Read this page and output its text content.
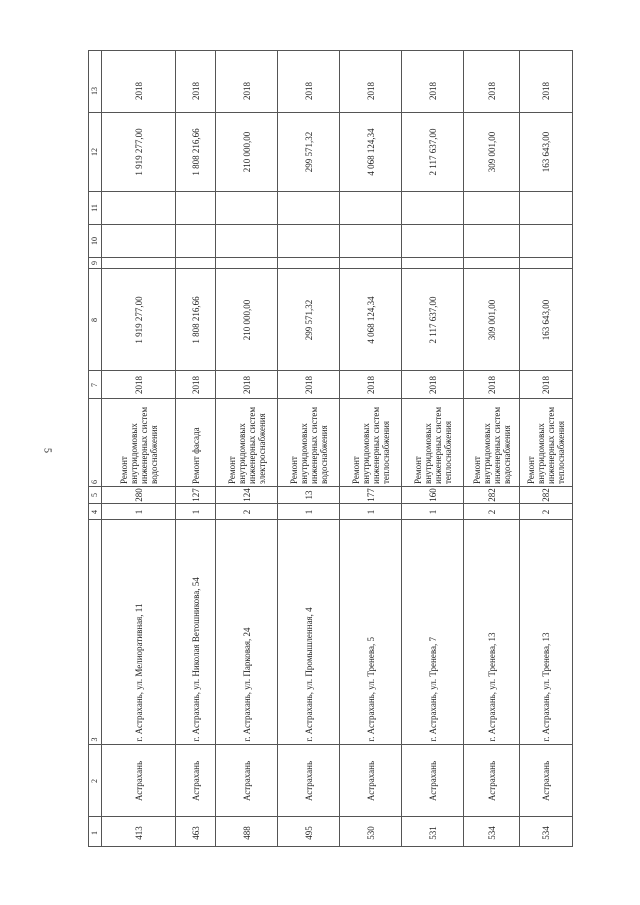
5
1
2
3
4
5
6
7
8
9
10
11
12
13
413
Астрахань
г. Астрахань, ул. Мелиоративная, 11
1
280
Ремонт внутридомовых инженерных систем водоснабжения
2018
1 919 277,00
1 919 277,00
2018
463
Астрахань
г. Астрахань, ул. Николая Ветошникова, 54
1
127
Ремонт фасада
2018
1 808 216,66
1 808 216,66
2018
488
Астрахань
г. Астрахань, ул. Парковая, 24
2
124
Ремонт внутридомовых инженерных систем электроснабжения
2018
210 000,00
210 000,00
2018
495
Астрахань
г. Астрахань, ул. Промышленная, 4
1
13
Ремонт внутридомовых инженерных систем водоснабжения
2018
299 571,32
299 571,32
2018
530
Астрахань
г. Астрахань, ул. Тренева, 5
1
177
Ремонт внутридомовых инженерных систем теплоснабжения
2018
4 068 124,34
4 068 124,34
2018
531
Астрахань
г. Астрахань, ул. Тренева, 7
1
160
Ремонт внутридомовых инженерных систем теплоснабжения
2018
2 117 637,00
2 117 637,00
2018
534
Астрахань
г. Астрахань, ул. Тренева, 13
2
282
Ремонт внутридомовых инженерных систем водоснабжения
2018
309 001,00
309 001,00
2018
534
Астрахань
г. Астрахань, ул. Тренева, 13
2
282
Ремонт внутридомовых инженерных систем теплоснабжения
2018
163 643,00
163 643,00
2018
